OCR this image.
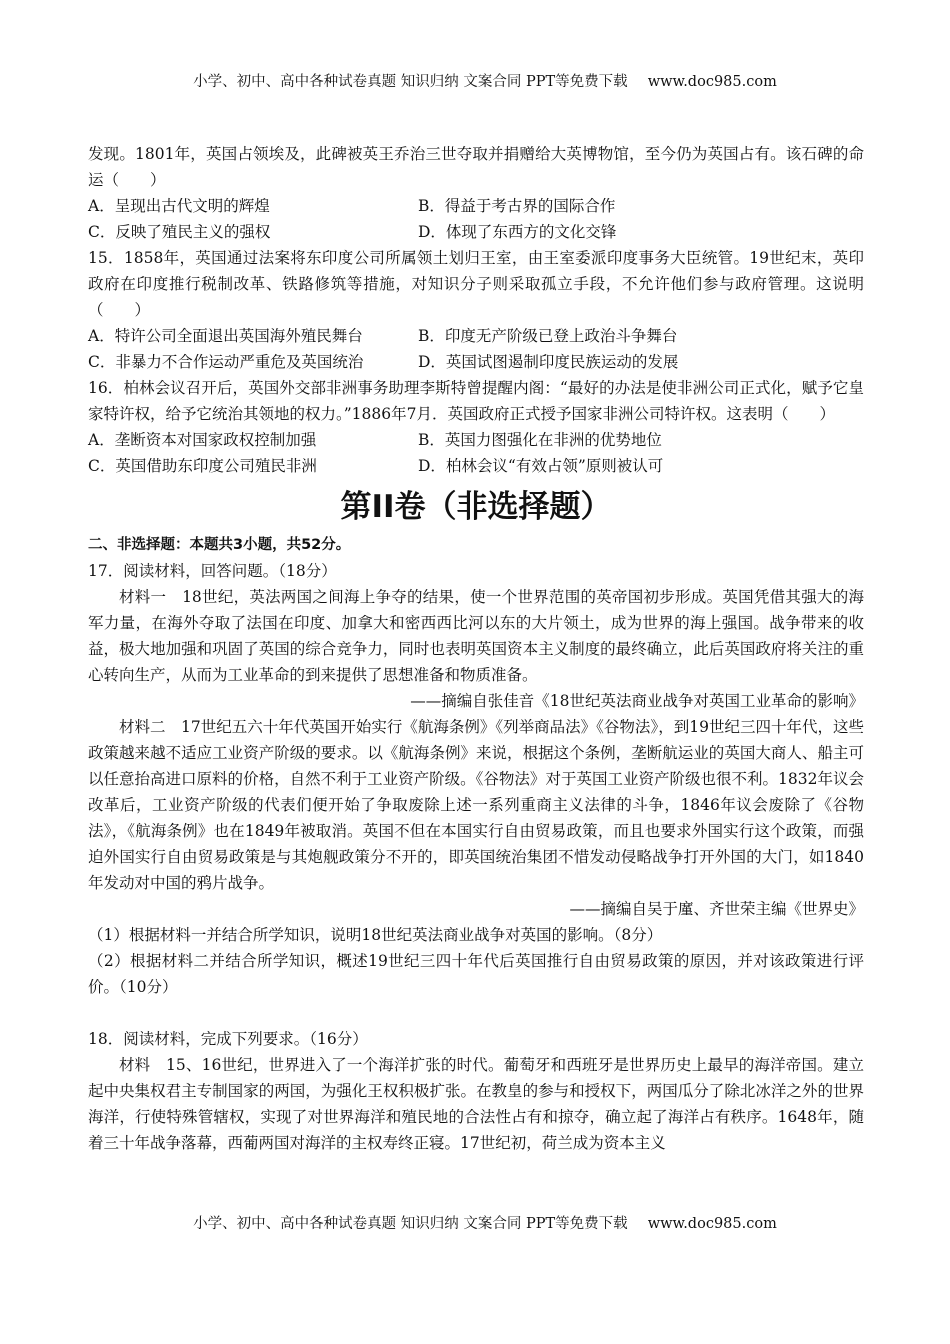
小学、初中、高中各种试卷真题 知识归纳 文案合同 PPT等免费下载 www.doc985.com

发现。1801年，英国占领埃及，此碑被英王乔治三世夺取并捐赠给大英博物馆，至今仍为英国占有。该石碑的命运（　　）

A．呈现出古代文明的辉煌	B．得益于考古界的国际合作
C．反映了殖民主义的强权	D．体现了东西方的文化交锋

15．1858年，英国通过法案将东印度公司所属领土划归王室，由王室委派印度事务大臣统管。19世纪末，英印政府在印度推行税制改革、铁路修筑等措施，对知识分子则采取孤立手段，不允许他们参与政府管理。这说明（　　）

A．特许公司全面退出英国海外殖民舞台	B．印度无产阶级已登上政治斗争舞台
C．非暴力不合作运动严重危及英国统治	D．英国试图遏制印度民族运动的发展

16．柏林会议召开后，英国外交部非洲事务助理李斯特曾提醒内阁：“最好的办法是使非洲公司正式化，赋予它皇家特许权，给予它统治其领地的权力。”1886年7月．英国政府正式授予国家非洲公司特许权。这表明（　　）

A．垄断资本对国家政权控制加强	B．英国力图强化在非洲的优势地位
C．英国借助东印度公司殖民非洲	D．柏林会议“有效占领”原则被认可
第II卷（非选择题）

二、非选择题：本题共3小题，共52分。

17．阅读材料，回答问题。（18分）

材料一　18世纪，英法两国之间海上争夺的结果，使一个世界范围的英帝国初步形成。英国凭借其强大的海军力量，在海外夺取了法国在印度、加拿大和密西西比河以东的大片领土，成为世界的海上强国。战争带来的收益，极大地加强和巩固了英国的综合竞争力，同时也表明英国资本主义制度的最终确立，此后英国政府将关注的重心转向生产，从而为工业革命的到来提供了思想准备和物质准备。

——摘编自张佳音《18世纪英法商业战争对英国工业革命的影响》

材料二　17世纪五六十年代英国开始实行《航海条例》《列举商品法》《谷物法》，到19世纪三四十年代，这些政策越来越不适应工业资产阶级的要求。以《航海条例》来说，根据这个条例，垄断航运业的英国大商人、船主可以任意抬高进口原料的价格，自然不利于工业资产阶级。《谷物法》对于英国工业资产阶级也很不利。1832年议会改革后，工业资产阶级的代表们便开始了争取废除上述一系列重商主义法律的斗争，1846年议会废除了《谷物法》，《航海条例》也在1849年被取消。英国不但在本国实行自由贸易政策，而且也要求外国实行这个政策，而强迫外国实行自由贸易政策是与其炮舰政策分不开的，即英国统治集团不惜发动侵略战争打开外国的大门，如1840年发动对中国的鸦片战争。

——摘编自吴于廑、齐世荣主编《世界史》

（1）根据材料一并结合所学知识，说明18世纪英法商业战争对英国的影响。（8分）

（2）根据材料二并结合所学知识，概述19世纪三四十年代后英国推行自由贸易政策的原因，并对该政策进行评价。（10分）

18．阅读材料，完成下列要求。（16分）

材料　15、16世纪，世界进入了一个海洋扩张的时代。葡萄牙和西班牙是世界历史上最早的海洋帝国。建立起中央集权君主专制国家的两国，为强化王权积极扩张。在教皇的参与和授权下，两国瓜分了除北冰洋之外的世界海洋，行使特殊管辖权，实现了对世界海洋和殖民地的合法性占有和掠夺，确立起了海洋占有秩序。1648年，随着三十年战争落幕，西葡两国对海洋的主权寿终正寝。17世纪初，荷兰成为资本主义

小学、初中、高中各种试卷真题 知识归纳 文案合同 PPT等免费下载 www.doc985.com
